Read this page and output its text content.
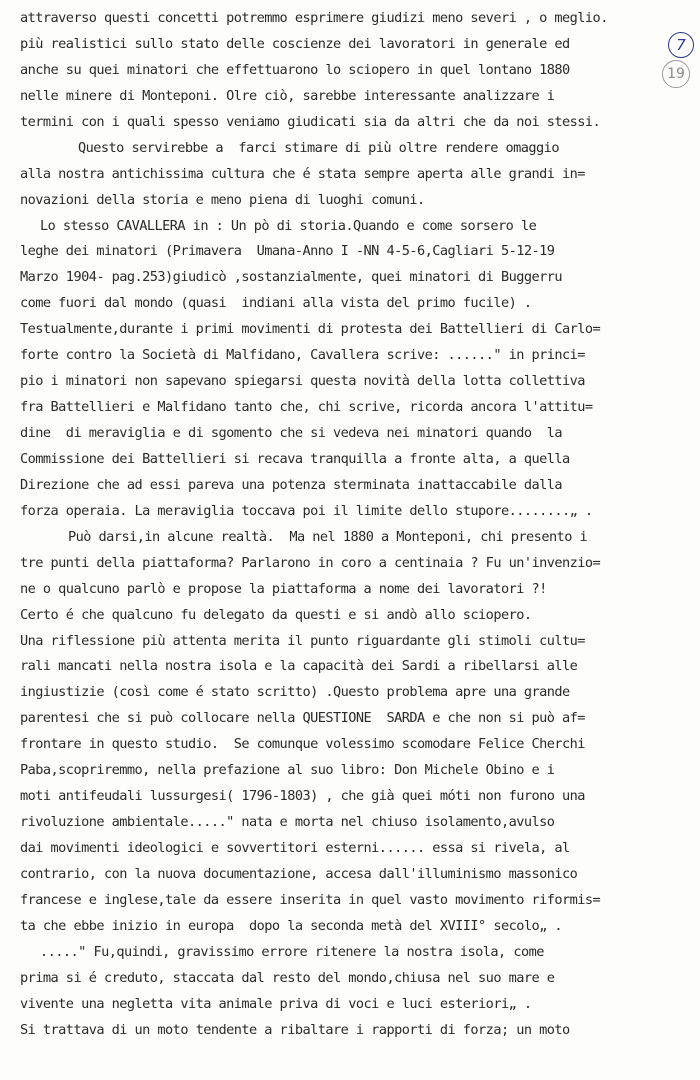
attraverso questi concetti potremmo esprimere giudizi meno severi , o meglio.
più realistici sullo stato delle coscienze dei lavoratori in generale ed
anche su quei minatori che effettuarono lo sciopero in quel lontano 1880
nelle minere di Monteponi. Olre ciò, sarebbe interessante analizzare i
termini con i quali spesso veniamo giudicati sia da altri che da noi stessi.
Questo servirebbe a  farci stimare di più oltre rendere omaggio
alla nostra antichissima cultura che é stata sempre aperta alle grandi in=
novazioni della storia e meno piena di luoghi comuni.
Lo stesso CAVALLERA in : Un pò di storia.Quando e come sorsero le
leghe dei minatori (Primavera  Umana-Anno I -NN 4-5-6,Cagliari 5-12-19
Marzo 1904- pag.253)giudicò ,sostanzialmente, quei minatori di Buggerru
come fuori dal mondo (quasi  indiani alla vista del primo fucile) .
Testualmente,durante i primi movimenti di protesta dei Battellieri di Carlo=
forte contro la Società di Malfidano, Cavallera scrive: ......" in princi=
pio i minatori non sapevano spiegarsi questa novità della lotta collettiva
fra Battellieri e Malfidano tanto che, chi scrive, ricorda ancora l'attitu=
dine  di meraviglia e di sgomento che si vedeva nei minatori quando  la
Commissione dei Battellieri si recava tranquilla a fronte alta, a quella
Direzione che ad essi pareva una potenza sterminata inattaccabile dalla
forza operaia. La meraviglia toccava poi il limite dello stupore........„ .
Può darsi,in alcune realtà.  Ma nel 1880 a Monteponi, chi presento i
tre punti della piattaforma? Parlarono in coro a centinaia ? Fu un'invenzio=
ne o qualcuno parlò e propose la piattaforma a nome dei lavoratori ?!
Certo é che qualcuno fu delegato da questi e si andò allo sciopero.
Una riflessione più attenta merita il punto riguardante gli stimoli cultu=
rali mancati nella nostra isola e la capacità dei Sardi a ribellarsi alle
ingiustizie (così come é stato scritto) .Questo problema apre una grande
parentesi che si può collocare nella QUESTIONE  SARDA e che non si può af=
frontare in questo studio.  Se comunque volessimo scomodare Felice Cherchi
Paba,scopriremmo, nella prefazione al suo libro: Don Michele Obino e i
moti antifeudali lussurgesi( 1796-1803) , che già quei móti non furono una
rivoluzione ambientale....." nata e morta nel chiuso isolamento,avulso
dai movimenti ideologici e sovvertitori esterni...... essa si rivela, al
contrario, con la nuova documentazione, accesa dall'illuminismo massonico
francese e inglese,tale da essere inserita in quel vasto movimento riformis=
ta che ebbe inizio in europa  dopo la seconda metà del XVIII° secolo„ .
....." Fu,quindi, gravissimo errore ritenere la nostra isola, come
prima si é creduto, staccata dal resto del mondo,chiusa nel suo mare e
vivente una negletta vita animale priva di voci e luci esteriori„ .
Si trattava di un moto tendente a ribaltare i rapporti di forza; un moto
7
19
